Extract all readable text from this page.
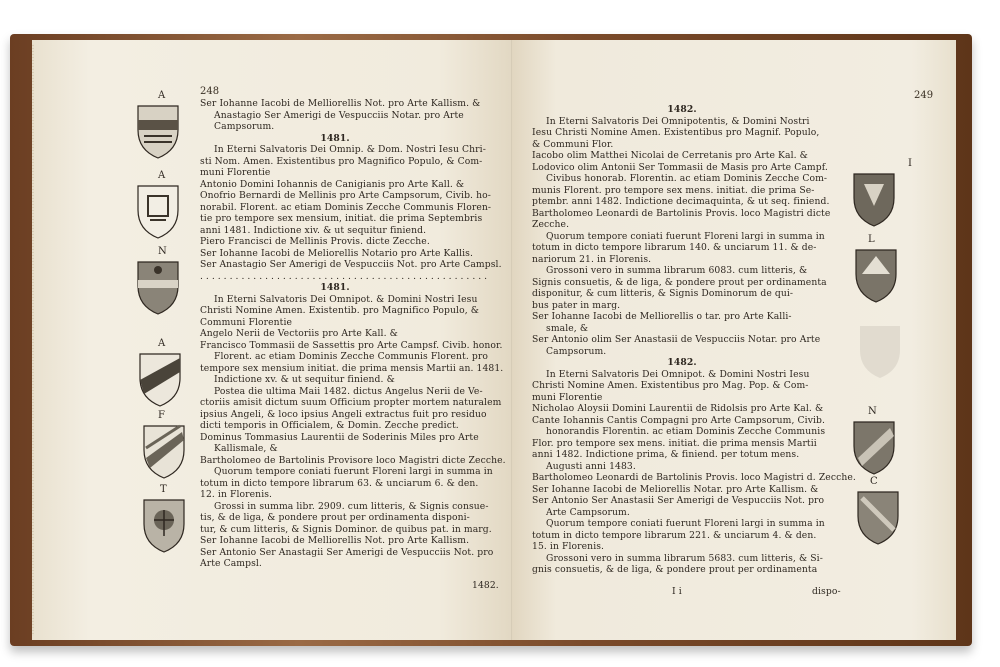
248
Ser Iohanne Iacobi de Melliorellis Not. pro Arte Kallism. &
Anastagio Ser Amerigi de Vespucciis Notar. pro Arte
Campsorum.
1481.
In Eterni Salvatoris Dei Omnip. & Dom. Nostri Iesu Chri-
sti Nom. Amen. Existentibus pro Magnifico Populo, & Com-
muni Florentie
Antonio Domini Iohannis de Canigianis pro Arte Kall. &
Onofrio Bernardi de Mellinis pro Arte Campsorum, Civib. ho-
norabil. Florent. ac etiam Dominis Zecche Communis Floren-
tie pro tempore sex mensium, initiat. die prima Septembris
anni 1481. Indictione xiv. & ut sequitur finiend.
Piero Francisci de Mellinis Provis. dicte Zecche.
Ser Iohanne Iacobi de Meliorellis Notario pro Arte Kallis.
Ser Anastagio Ser Amerigi de Vespucciis Not. pro Arte Campsl.
.................................................
1481.
In Eterni Salvatoris Dei Omnipot. & Domini Nostri Iesu
Christi Nomine Amen. Existentib. pro Magnifico Populo, &
Communi Florentie
Angelo Nerii de Vectoriis pro Arte Kall. &
Francisco Tommasii de Sassettis pro Arte Campsf. Civib. honor.
Florent. ac etiam Dominis Zecche Communis Florent. pro
tempore sex mensium initiat. die prima mensis Martii an. 1481.
Indictione xv. & ut sequitur finiend. &
Postea die ultima Maii 1482. dictus Angelus Nerii de Ve-
ctoriis amisit dictum suum Officium propter mortem naturalem
ipsius Angeli, & loco ipsius Angeli extractus fuit pro residuo
dicti temporis in Officialem, & Domin. Zecche predict.
Dominus Tommasius Laurentii de Soderinis Miles pro Arte
Kallismale, &
Bartholomeo de Bartolinis Provisore loco Magistri dicte Zecche.
Quorum tempore coniati fuerunt Floreni largi in summa in
totum in dicto tempore librarum 63. & unciarum 6. & den.
12. in Florenis.
Grossi in summa libr. 2909. cum litteris, & Signis consue-
tis, & de liga, & pondere prout per ordinamenta disponi-
tur, & cum litteris, & Signis Dominor. de quibus pat. in marg.
Ser Iohanne Iacobi de Melliorellis Not. pro Arte Kallism.
Ser Antonio Ser Anastagii Ser Amerigi de Vespucciis Not. pro
Arte Campsl.
1482.
A
A
N
A
F
T
249
1482.
In Eterni Salvatoris Dei Omnipotentis, & Domini Nostri
Iesu Christi Nomine Amen. Existentibus pro Magnif. Populo,
& Communi Flor.
Iacobo olim Matthei Nicolai de Cerretanis pro Arte Kal. &
Lodovico olim Antonii Ser Tommasii de Masis pro Arte Campf.
Civibus honorab. Florentin. ac etiam Dominis Zecche Com-
munis Florent. pro tempore sex mens. initiat. die prima Se-
ptembr. anni 1482. Indictione decimaquinta, & ut seq. finiend.
Bartholomeo Leonardi de Bartolinis Provis. loco Magistri dicte
Zecche.
Quorum tempore coniati fuerunt Floreni largi in summa in
totum in dicto tempore librarum 140. & unciarum 11. & de-
nariorum 21. in Florenis.
Grossoni vero in summa librarum 6083. cum litteris, &
Signis consuetis, & de liga, & pondere prout per ordinamenta
disponitur, & cum litteris, & Signis Dominorum de qui-
bus pater in marg.
Ser Iohanne Iacobi de Melliorellis o tar. pro Arte Kalli-
smale, &
Ser Antonio olim Ser Anastasii de Vespucciis Notar. pro Arte
Campsorum.
1482.
In Eterni Salvatoris Dei Omnipot. & Domini Nostri Iesu
Christi Nomine Amen. Existentibus pro Mag. Pop. & Com-
muni Florentie
Nicholao Aloysii Domini Laurentii de Ridolsis pro Arte Kal. &
Cante Iohannis Cantis Compagni pro Arte Campsorum, Civib.
honorandis Florentin. ac etiam Dominis Zecche Communis
Flor. pro tempore sex mens. initiat. die prima mensis Martii
anni 1482. Indictione prima, & finiend. per totum mens.
Augusti anni 1483.
Bartholomeo Leonardi de Bartolinis Provis. loco Magistri d. Zecche.
Ser Iohanne Iacobi de Meliorellis Notar. pro Arte Kallism. &
Ser Antonio Ser Anastasii Ser Amerigi de Vespucciis Not. pro
Arte Campsorum.
Quorum tempore coniati fuerunt Floreni largi in summa in
totum in dicto tempore librarum 221. & unciarum 4. & den.
15. in Florenis.
Grossoni vero in summa librarum 5683. cum litteris, & Si-
gnis consuetis, & de liga, & pondere prout per ordinamenta
I i	dispo-
I
L
N
C
